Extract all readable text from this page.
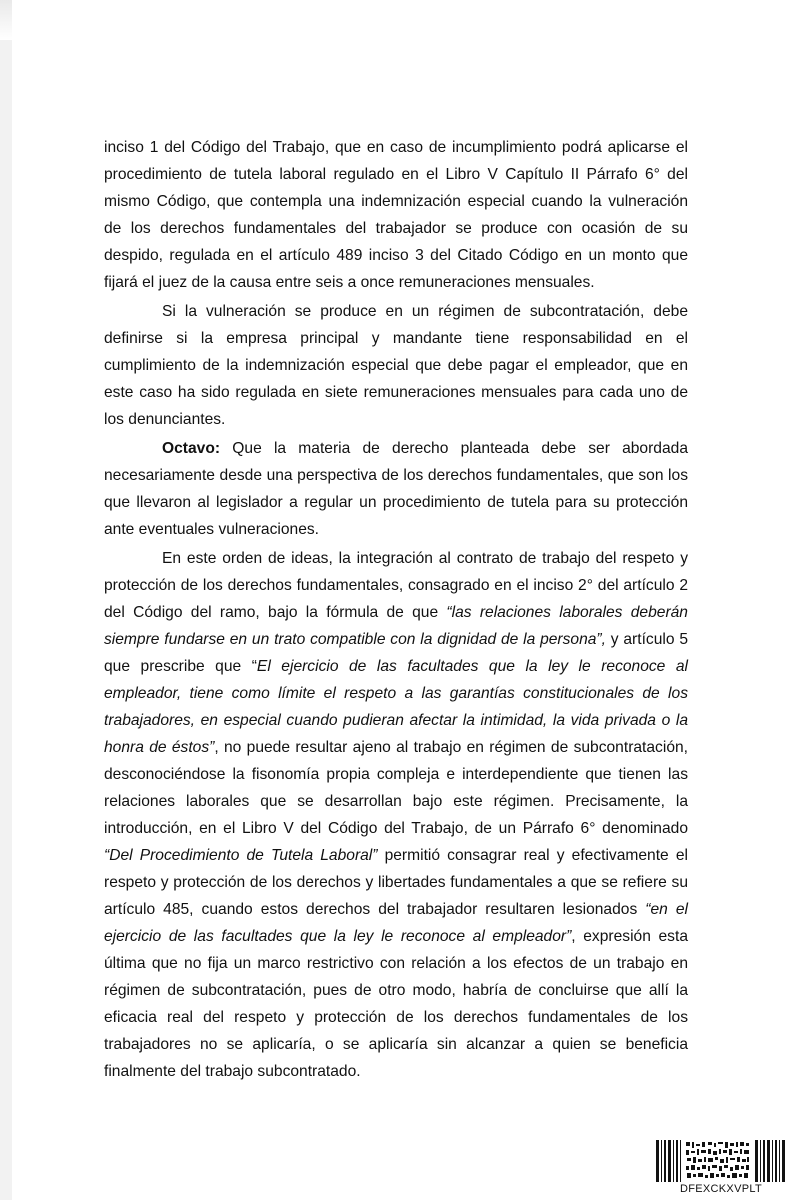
inciso 1 del Código del Trabajo, que en caso de incumplimiento podrá aplicarse el procedimiento de tutela laboral regulado en el Libro V Capítulo II Párrafo 6° del mismo Código, que contempla una indemnización especial cuando la vulneración de los derechos fundamentales del trabajador se produce con ocasión de su despido, regulada en el artículo 489 inciso 3 del Citado Código en un monto que fijará el juez de la causa entre seis a once remuneraciones mensuales.

Si la vulneración se produce en un régimen de subcontratación, debe definirse si la empresa principal y mandante tiene responsabilidad en el cumplimiento de la indemnización especial que debe pagar el empleador, que en este caso ha sido regulada en siete remuneraciones mensuales para cada uno de los denunciantes.

Octavo: Que la materia de derecho planteada debe ser abordada necesariamente desde una perspectiva de los derechos fundamentales, que son los que llevaron al legislador a regular un procedimiento de tutela para su protección ante eventuales vulneraciones.

En este orden de ideas, la integración al contrato de trabajo del respeto y protección de los derechos fundamentales, consagrado en el inciso 2° del artículo 2 del Código del ramo, bajo la fórmula de que “las relaciones laborales deberán siempre fundarse en un trato compatible con la dignidad de la persona”, y artículo 5 que prescribe que “El ejercicio de las facultades que la ley le reconoce al empleador, tiene como límite el respeto a las garantías constitucionales de los trabajadores, en especial cuando pudieran afectar la intimidad, la vida privada o la honra de éstos”, no puede resultar ajeno al trabajo en régimen de subcontratación, desconociéndose la fisonomía propia compleja e interdependiente que tienen las relaciones laborales que se desarrollan bajo este régimen. Precisamente, la introducción, en el Libro V del Código del Trabajo, de un Párrafo 6° denominado “Del Procedimiento de Tutela Laboral” permitió consagrar real y efectivamente el respeto y protección de los derechos y libertades fundamentales a que se refiere su artículo 485, cuando estos derechos del trabajador resultaren lesionados “en el ejercicio de las facultades que la ley le reconoce al empleador”, expresión esta última que no fija un marco restrictivo con relación a los efectos de un trabajo en régimen de subcontratación, pues de otro modo, habría de concluirse que allí la eficacia real del respeto y protección de los derechos fundamentales de los trabajadores no se aplicaría, o se aplicaría sin alcanzar a quien se beneficia finalmente del trabajo subcontratado.

DFEXCKXVPLT
